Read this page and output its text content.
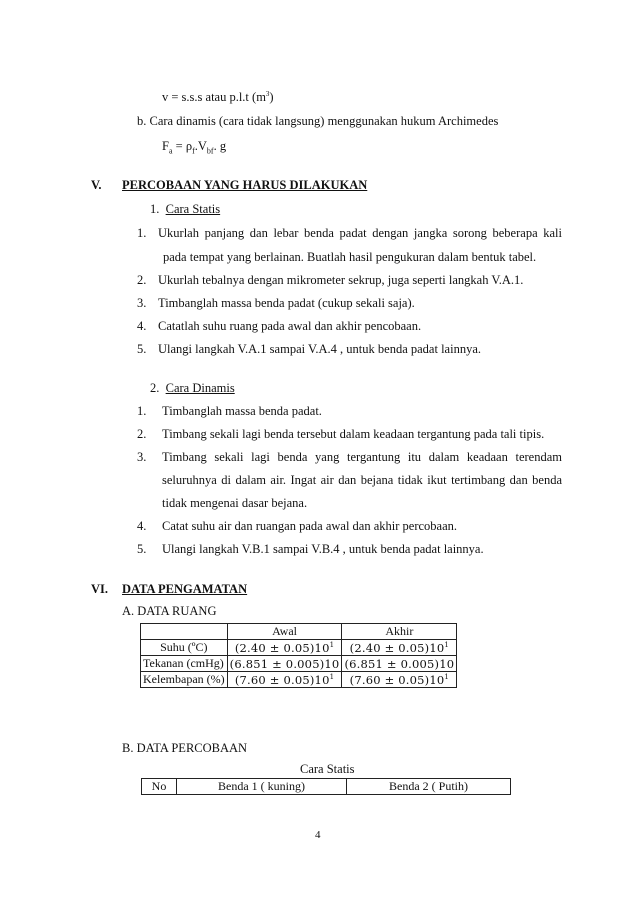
v = s.s.s atau p.l.t $(m^3)$
b. Cara dinamis (cara tidak langsung) menggunakan hukum Archimedes
$F_a = \rho_f.V_{bf}$. g
V. PERCOBAAN YANG HARUS DILAKUKAN
1. Cara Statis
1. Ukurlah panjang dan lebar benda padat dengan jangka sorong beberapa kali
pada tempat yang berlainan. Buatlah hasil pengukuran dalam bentuk tabel.
2. Ukurlah tebalnya dengan mikrometer sekrup, juga seperti langkah V.A.1.
3. Timbanglah massa benda padat (cukup sekali saja).
4. Catatlah suhu ruang pada awal dan akhir pencobaan.
5. Ulangi langkah V.A.1 sampai V.A.4 , untuk benda padat lainnya.
2. Cara Dinamis
1. Timbanglah massa benda padat.
2. Timbang sekali lagi benda tersebut dalam keadaan tergantung pada tali tipis.
3. Timbang sekali lagi benda yang tergantung itu dalam keadaan terendam
seluruhnya di dalam air. Ingat air dan bejana tidak ikut tertimbang dan benda
tidak mengenai dasar bejana.
4. Catat suhu air dan ruangan pada awal dan akhir percobaan.
5. Ulangi langkah V.B.1 sampai V.B.4 , untuk benda padat lainnya.
VI. DATA PENGAMATAN
A. DATA RUANG
	Awal	Akhir
Suhu (ºC)	$(2.40 \pm 0.05)10^1$	$(2.40 \pm 0.05)10^1$
Tekanan (cmHg)	(6.851 ± 0.005)10	(6.851 ± 0.005)10
Kelembapan (%)	$(7.60 \pm 0.05)10^1$	$(7.60 \pm 0.05)10^1$
B. DATA PERCOBAAN
Cara Statis
No	Benda 1 ( kuning)	Benda 2 ( Putih)
4
